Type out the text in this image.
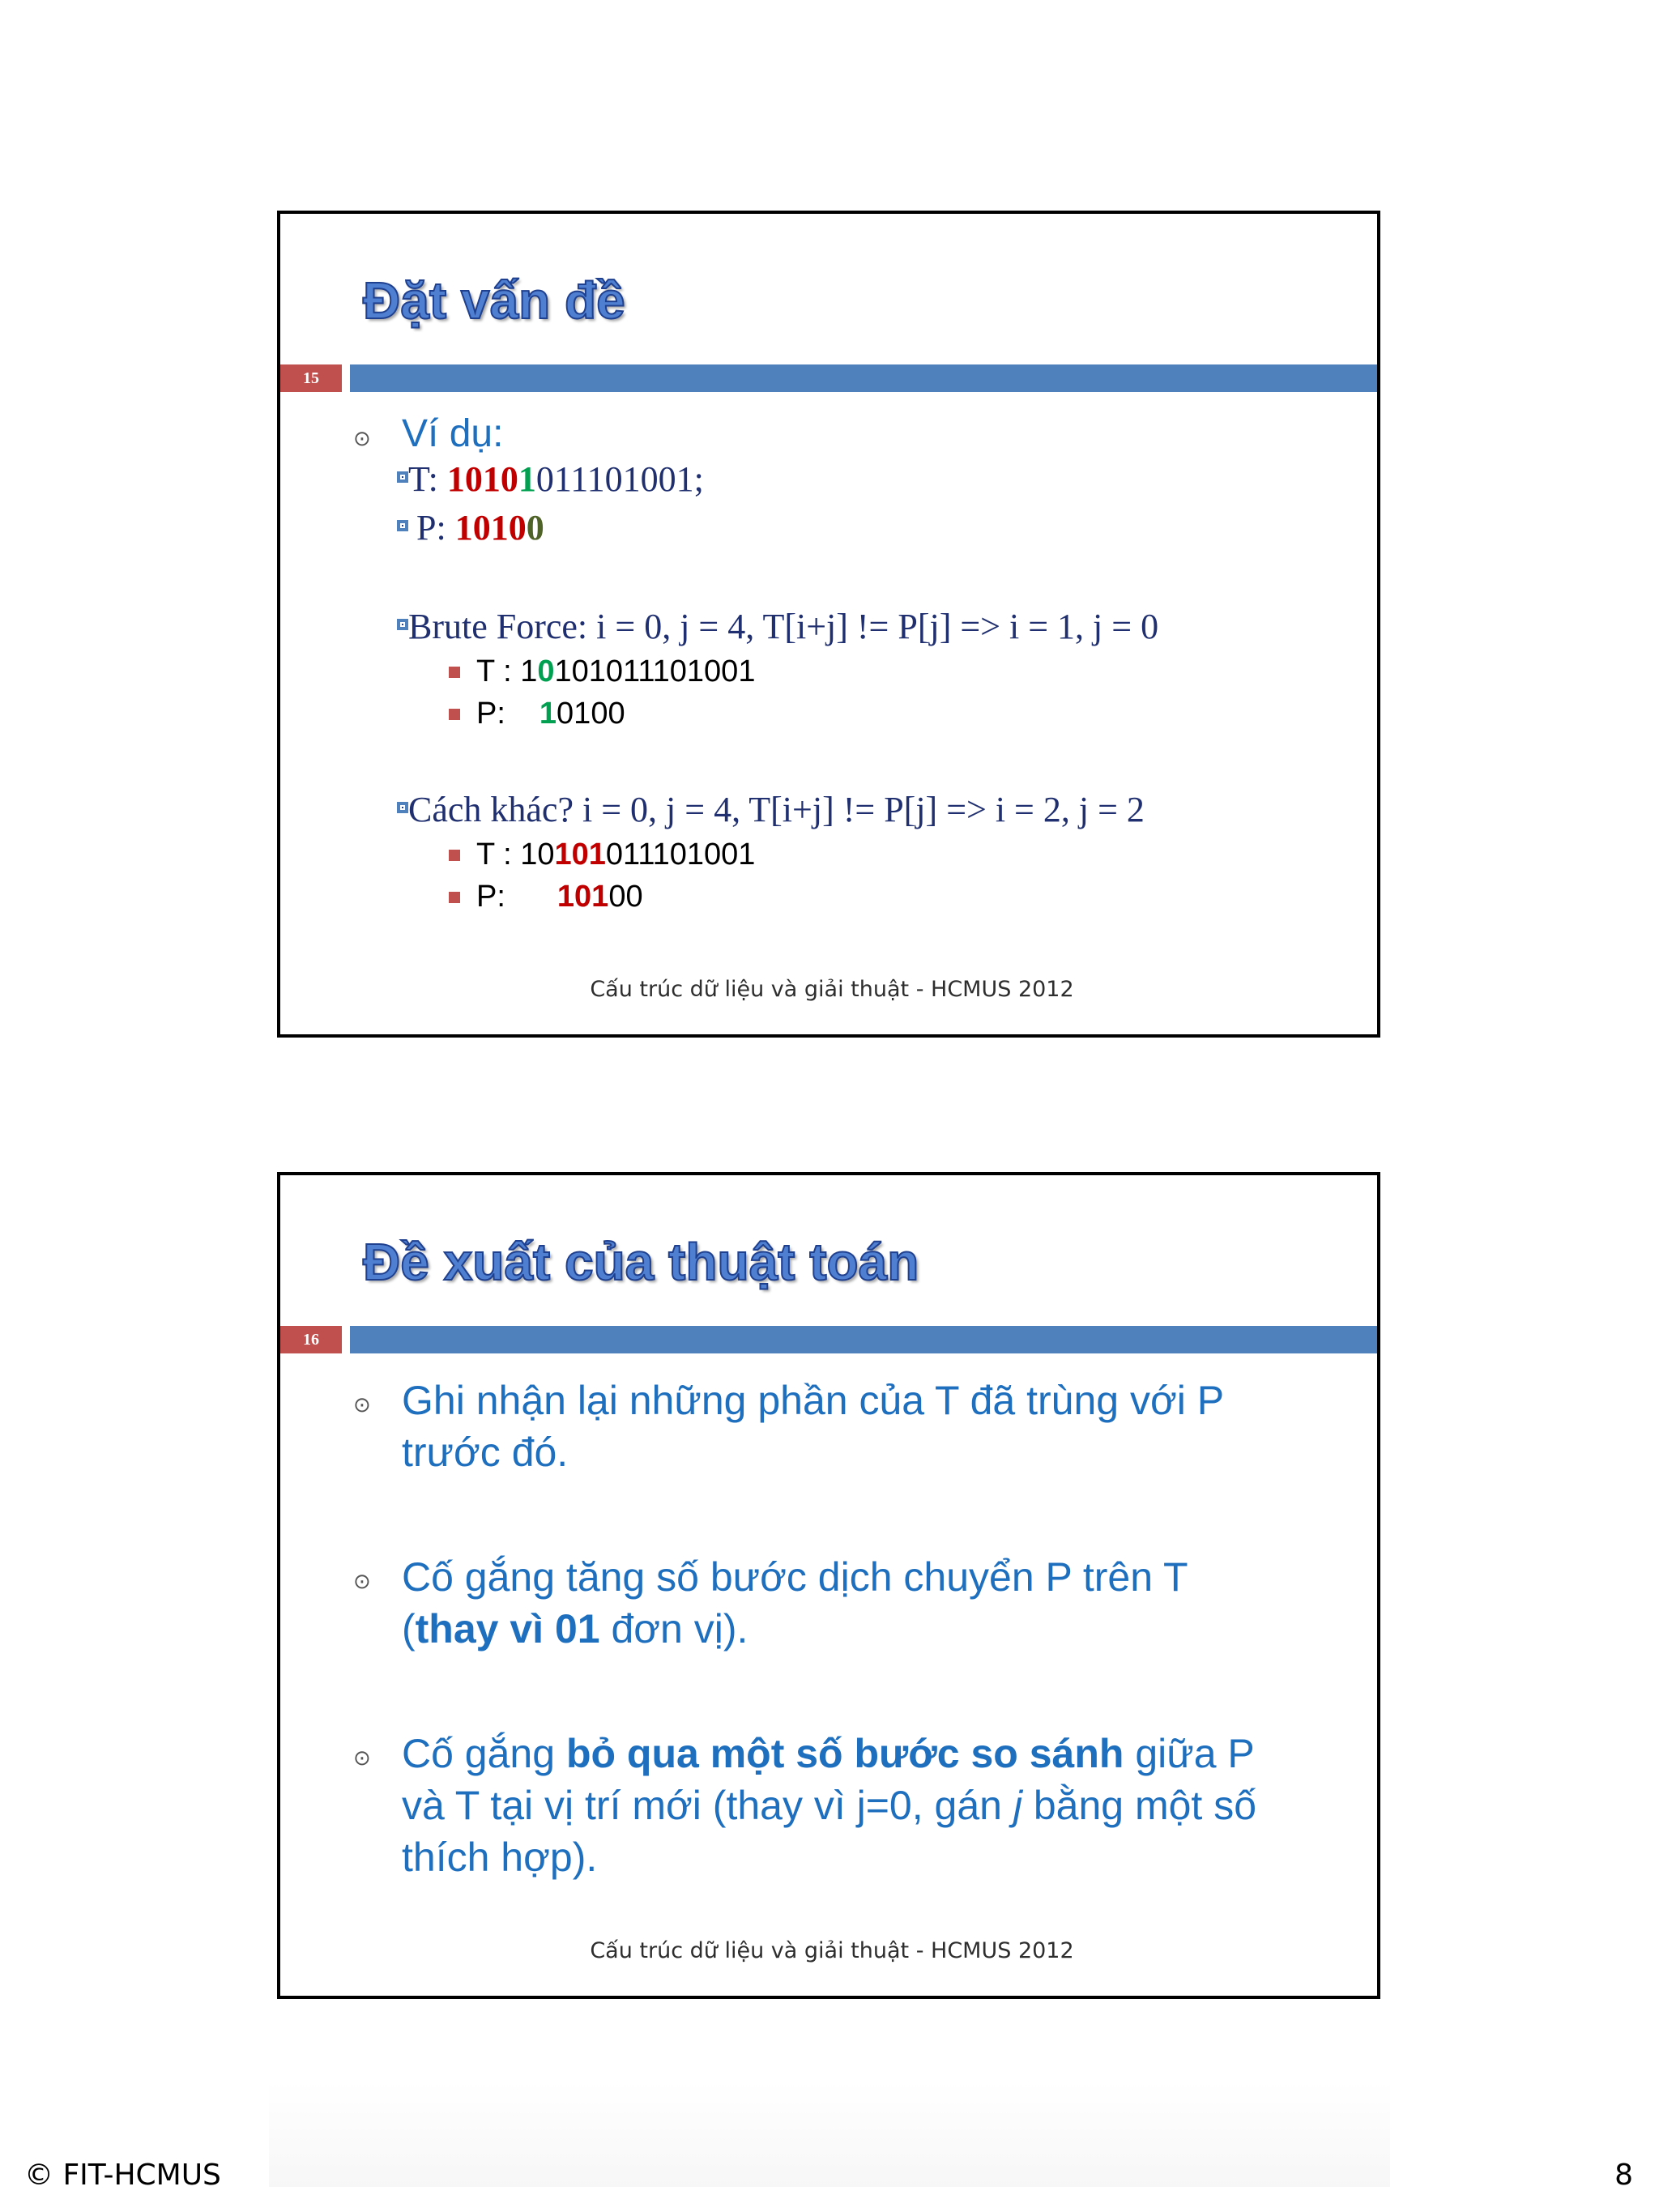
Đặt vấn đề
15
⊙ Ví dụ:
T: 10101011101001;
P: 10100
Brute Force: i = 0, j = 4, T[i+j] != P[j] => i = 1, j = 0
T : 10101011101001
P: 10100
Cách khác? i = 0, j = 4, T[i+j] != P[j] => i = 2, j = 2
T : 10101011101001
P: 10100
Cấu trúc dữ liệu và giải thuật - HCMUS 2012
Đề xuất của thuật toán
16
⊙ Ghi nhận lại những phần của T đã trùng với P
trước đó.
⊙ Cố gắng tăng số bước dịch chuyển P trên T
(thay vì 01 đơn vị).
⊙ Cố gắng bỏ qua một số bước so sánh giữa P
và T tại vị trí mới (thay vì j=0, gán j bằng một số
thích hợp).
Cấu trúc dữ liệu và giải thuật - HCMUS 2012
© FIT-HCMUS	8
